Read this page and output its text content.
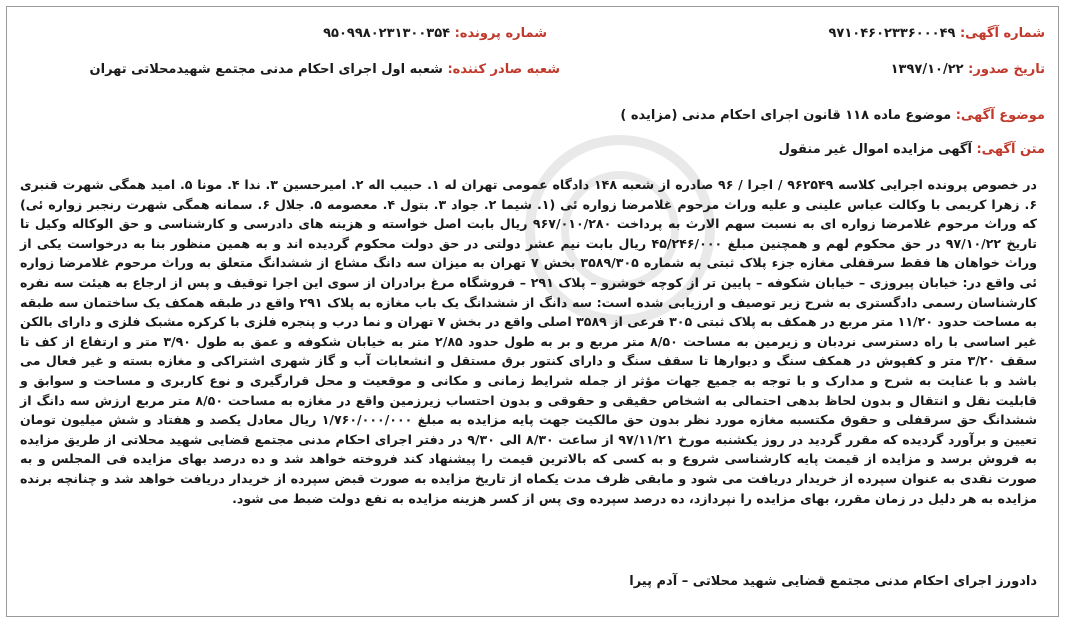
شماره آگهی: ۹۷۱۰۴۶۰۲۳۳۶۰۰۰۴۹
شماره پرونده: ۹۵۰۹۹۸۰۲۳۱۳۰۰۳۵۴
تاریخ صدور: ۱۳۹۷/۱۰/۲۲
شعبه صادر کننده: شعبه اول اجرای احکام مدنی مجتمع شهیدمحلاتی تهران
موضوع آگهی: موضوع ماده ۱۱۸ قانون اجرای احکام مدنی (مزایده )
متن آگهی: آگهی مزایده اموال غیر منقول
در خصوص پرونده اجرایی کلاسه ۹۶۲۵۴۹ / اجرا / ۹۶ صادره از شعبه ۱۴۸ دادگاه عمومی تهران له ۱. حبیب اله ۲. امیرحسین ۳. ندا ۴. مونا ۵. امید همگی شهرت قنبری ۶. زهرا کریمی با وکالت عباس علینی و علیه وراث مرحوم غلامرضا زواره ئی (۱. شیما ۲. جواد ۳. بتول ۴. معصومه ۵. جلال ۶. سمانه همگی شهرت رنجبر زواره ئی) که وراث مرحوم غلامرضا زواره ای به نسبت سهم الارث به پرداخت ۹۶۷/۰۱۰/۲۸۰ ریال بابت اصل خواسته و هزینه های دادرسی و کارشناسی و حق الوکاله وکیل تا تاریخ ۹۷/۱۰/۲۲ در حق محکوم لهم و همچنین مبلغ ۴۵/۲۴۶/۰۰۰ ریال بابت نیم عشر دولتی در حق دولت محکوم گردیده اند و به همین منظور بنا به درخواست یکی از وراث خواهان ها فقط سرقفلی مغازه جزء پلاک ثبتی به شماره ۳۵۸۹/۳۰۵ بخش ۷ تهران به میزان سه دانگ مشاع از ششدانگ متعلق به وراث مرحوم غلامرضا زواره ئی واقع در: خیابان پیروزی – خیابان شکوفه – پایین تر از کوچه خوشرو – پلاک ۲۹۱ – فروشگاه مرغ برادران از سوی این اجرا توقیف و پس از ارجاع به هیئت سه نفره کارشناسان رسمی دادگستری به شرح زیر توصیف و ارزیابی شده است: سه دانگ از ششدانگ یک باب مغازه به پلاک ۲۹۱ واقع در طبقه همکف یک ساختمان سه طبقه به مساحت حدود ۱۱/۲۰ متر مربع در همکف به پلاک ثبتی ۳۰۵ فرعی از ۳۵۸۹ اصلی واقع در بخش ۷ تهران و نما درب و پنجره فلزی با کرکره مشبک فلزی و دارای بالکن غیر اساسی با راه دسترسی نردبان و زیرمین به مساحت ۸/۵۰ متر مربع و بر به طول حدود ۲/۸۵ متر به خیابان شکوفه و عمق به طول ۳/۹۰ متر و ارتفاع از کف تا سقف ۳/۲۰ متر و کفپوش در همکف سنگ و دیوارها تا سقف سنگ و دارای کنتور برق مستقل و انشعابات آب و گاز شهری اشتراکی و مغازه بسته و غیر فعال می باشد و با عنایت به شرح و مدارک و با توجه به جمیع جهات مؤثر از جمله شرایط زمانی و مکانی و موقعیت و محل قرارگیری و نوع کاربری و مساحت و سوابق و قابلیت نقل و انتقال و بدون لحاظ بدهی احتمالی به اشخاص حقیقی و حقوقی و بدون احتساب زیرزمین واقع در مغازه به مساحت ۸/۵۰ متر مربع ارزش سه دانگ از ششدانگ حق سرقفلی و حقوق مکتسبه مغازه مورد نظر بدون حق مالکیت جهت پایه مزایده به مبلغ ۱/۷۶۰/۰۰۰/۰۰۰ ریال معادل یکصد و هفتاد و شش میلیون تومان تعیین و برآورد گردیده که مقرر گردید در روز یکشنبه مورخ ۹۷/۱۱/۲۱ از ساعت ۸/۳۰ الی ۹/۳۰ در دفتر اجرای احکام مدنی مجتمع قضایی شهید محلاتی از طریق مزایده به فروش برسد و مزایده از قیمت پایه کارشناسی شروع و به کسی که بالاترین قیمت را پیشنهاد کند فروخته خواهد شد و ده درصد بهای مزایده فی المجلس و به صورت نقدی به عنوان سپرده از خریدار دریافت می شود و مابقی ظرف مدت یکماه از تاریخ مزایده به صورت قبض سپرده از خریدار دریافت خواهد شد و چنانچه برنده مزایده به هر دلیل در زمان مقرر، بهای مزایده را نپردازد، ده درصد سپرده وی پس از کسر هزینه مزایده به نفع دولت ضبط می شود.
دادورز اجرای احکام مدنی مجتمع قضایی شهید محلاتی – آدم پیرا
